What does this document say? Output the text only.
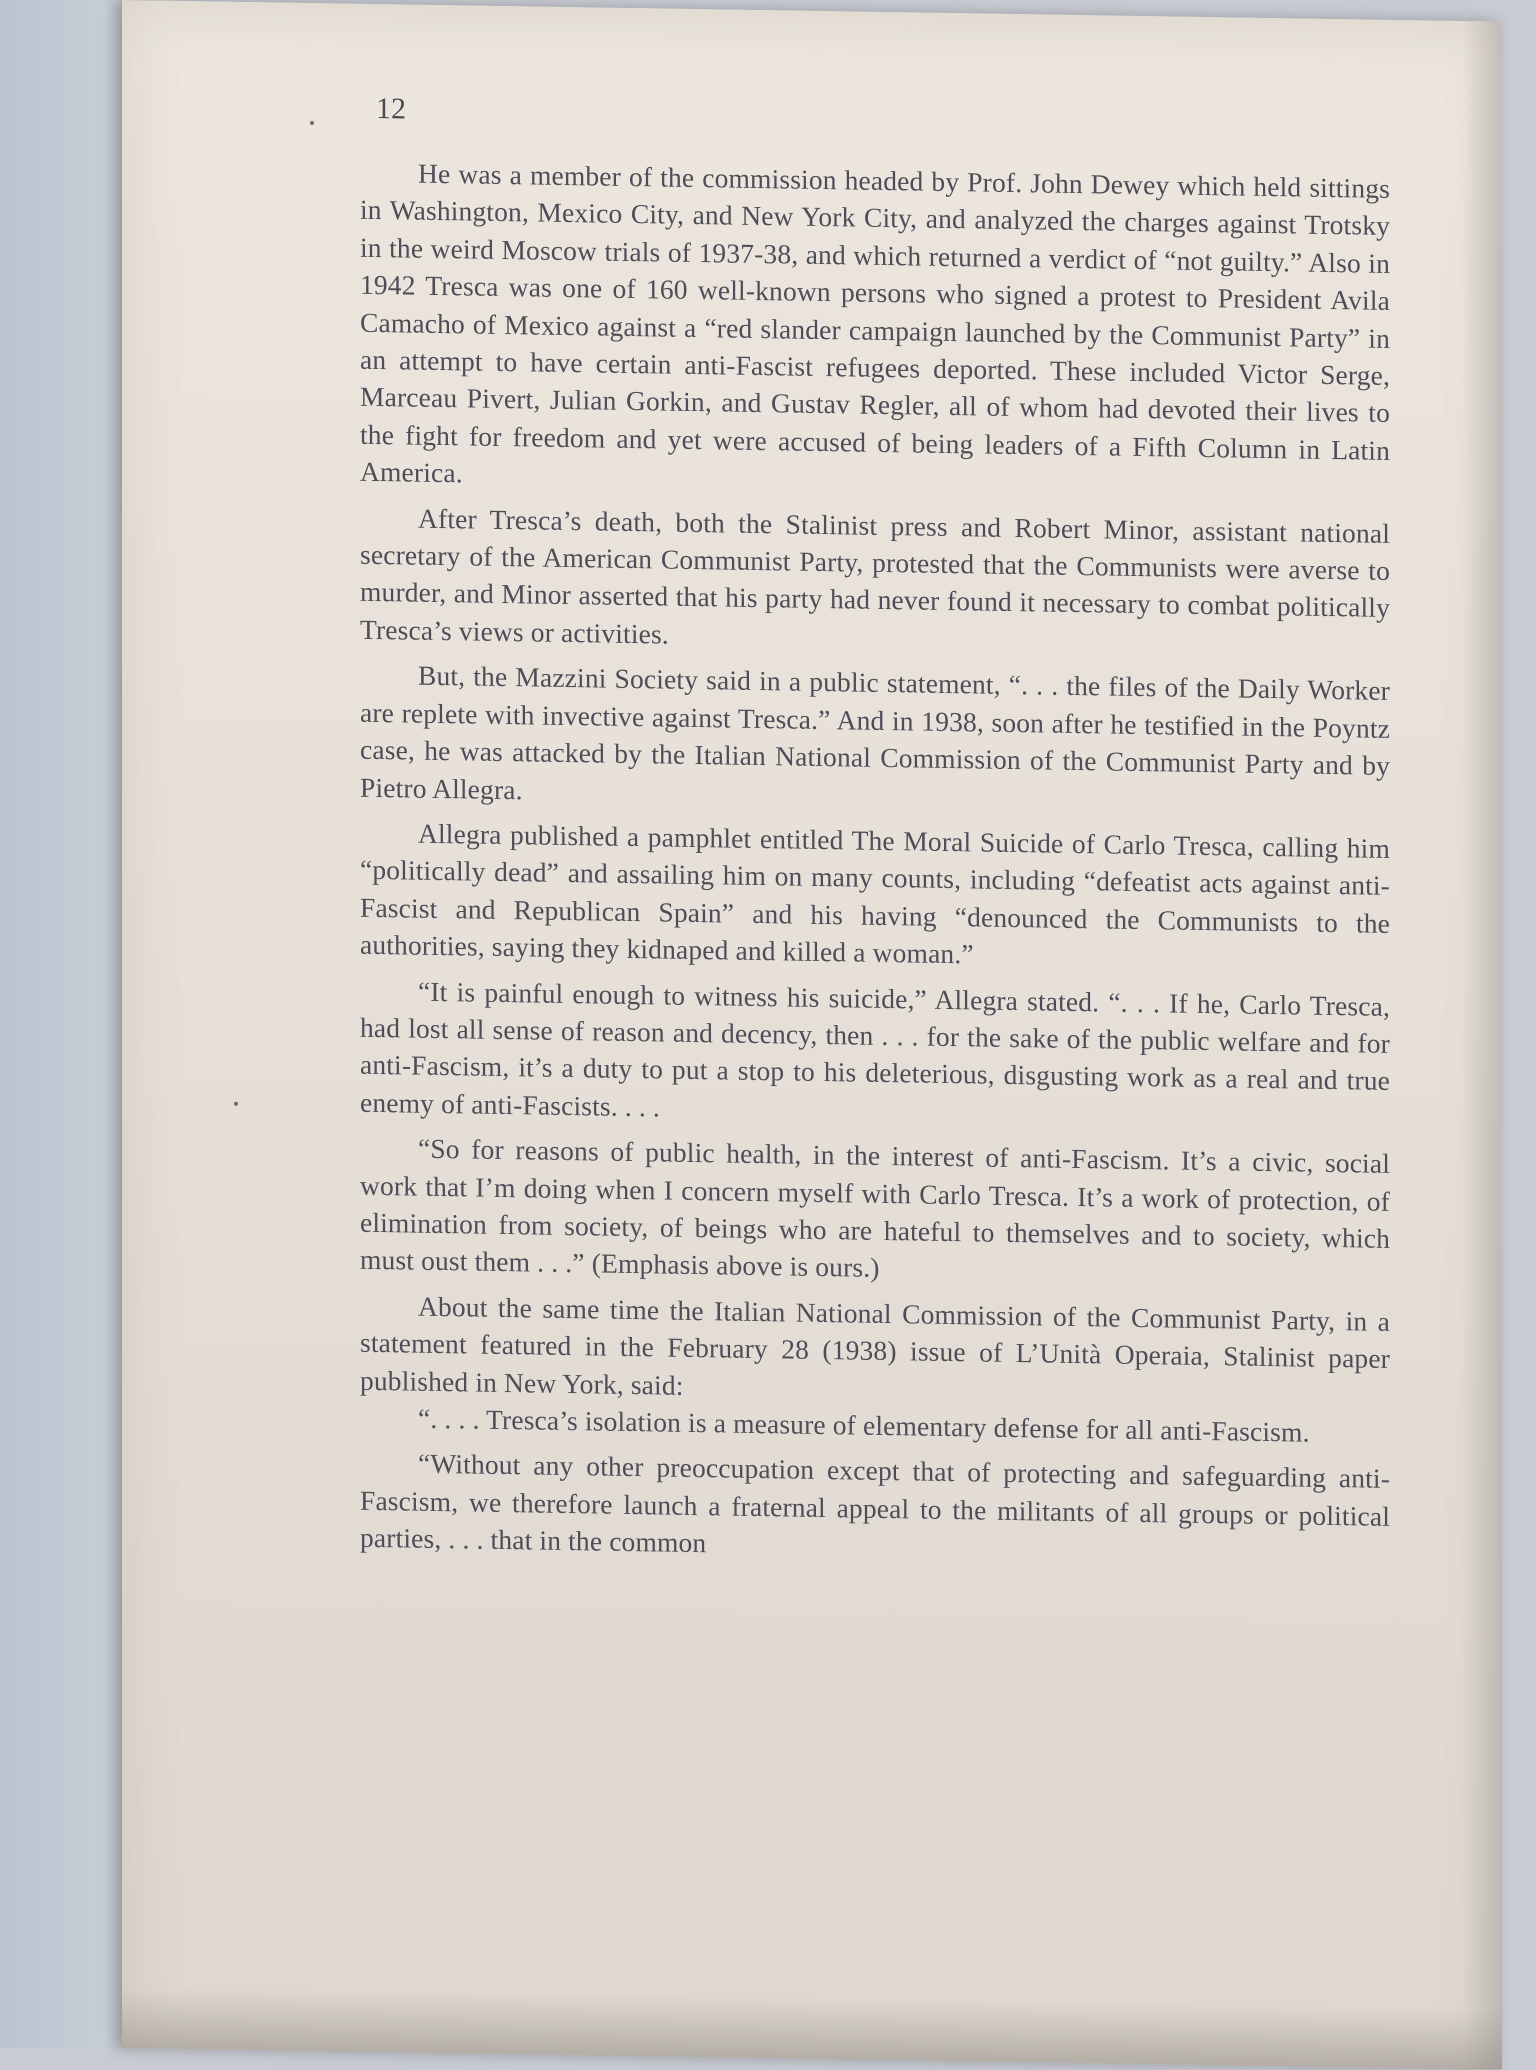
12

He was a member of the commission headed by Prof. John Dewey which held sittings in Washington, Mexico City, and New York City, and analyzed the charges against Trotsky in the weird Moscow trials of 1937-38, and which returned a verdict of “not guilty.” Also in 1942 Tresca was one of 160 well-known persons who signed a protest to President Avila Camacho of Mexico against a “red slander campaign launched by the Communist Party” in an attempt to have certain anti-Fascist refugees deported. These included Victor Serge, Marceau Pivert, Julian Gorkin, and Gustav Regler, all of whom had devoted their lives to the fight for freedom and yet were accused of being leaders of a Fifth Column in Latin America.

After Tresca’s death, both the Stalinist press and Robert Minor, assistant national secretary of the American Communist Party, protested that the Communists were averse to murder, and Minor asserted that his party had never found it necessary to combat politically Tresca’s views or activities.

But, the Mazzini Society said in a public statement, “. . . the files of the Daily Worker are replete with invective against Tresca.” And in 1938, soon after he testified in the Poyntz case, he was attacked by the Italian National Commission of the Communist Party and by Pietro Allegra.

Allegra published a pamphlet entitled The Moral Suicide of Carlo Tresca, calling him “politically dead” and assailing him on many counts, including “defeatist acts against anti-Fascist and Republican Spain” and his having “denounced the Communists to the authorities, saying they kidnaped and killed a woman.”

“It is painful enough to witness his suicide,” Allegra stated. “. . . If he, Carlo Tresca, had lost all sense of reason and decency, then . . . for the sake of the public welfare and for anti-Fascism, it’s a duty to put a stop to his deleterious, disgusting work as a real and true enemy of anti-Fascists. . . .

“So for reasons of public health, in the interest of anti-Fascism. It’s a civic, social work that I’m doing when I concern myself with Carlo Tresca. It’s a work of protection, of elimination from society, of beings who are hateful to themselves and to society, which must oust them . . .” (Emphasis above is ours.)

About the same time the Italian National Commission of the Communist Party, in a statement featured in the February 28 (1938) issue of L’Unità Operaia, Stalinist paper published in New York, said:

“. . . . Tresca’s isolation is a measure of elementary defense for all anti-Fascism.

“Without any other preoccupation except that of protecting and safeguarding anti-Fascism, we therefore launch a fraternal appeal to the militants of all groups or political parties, . . . that in the common
